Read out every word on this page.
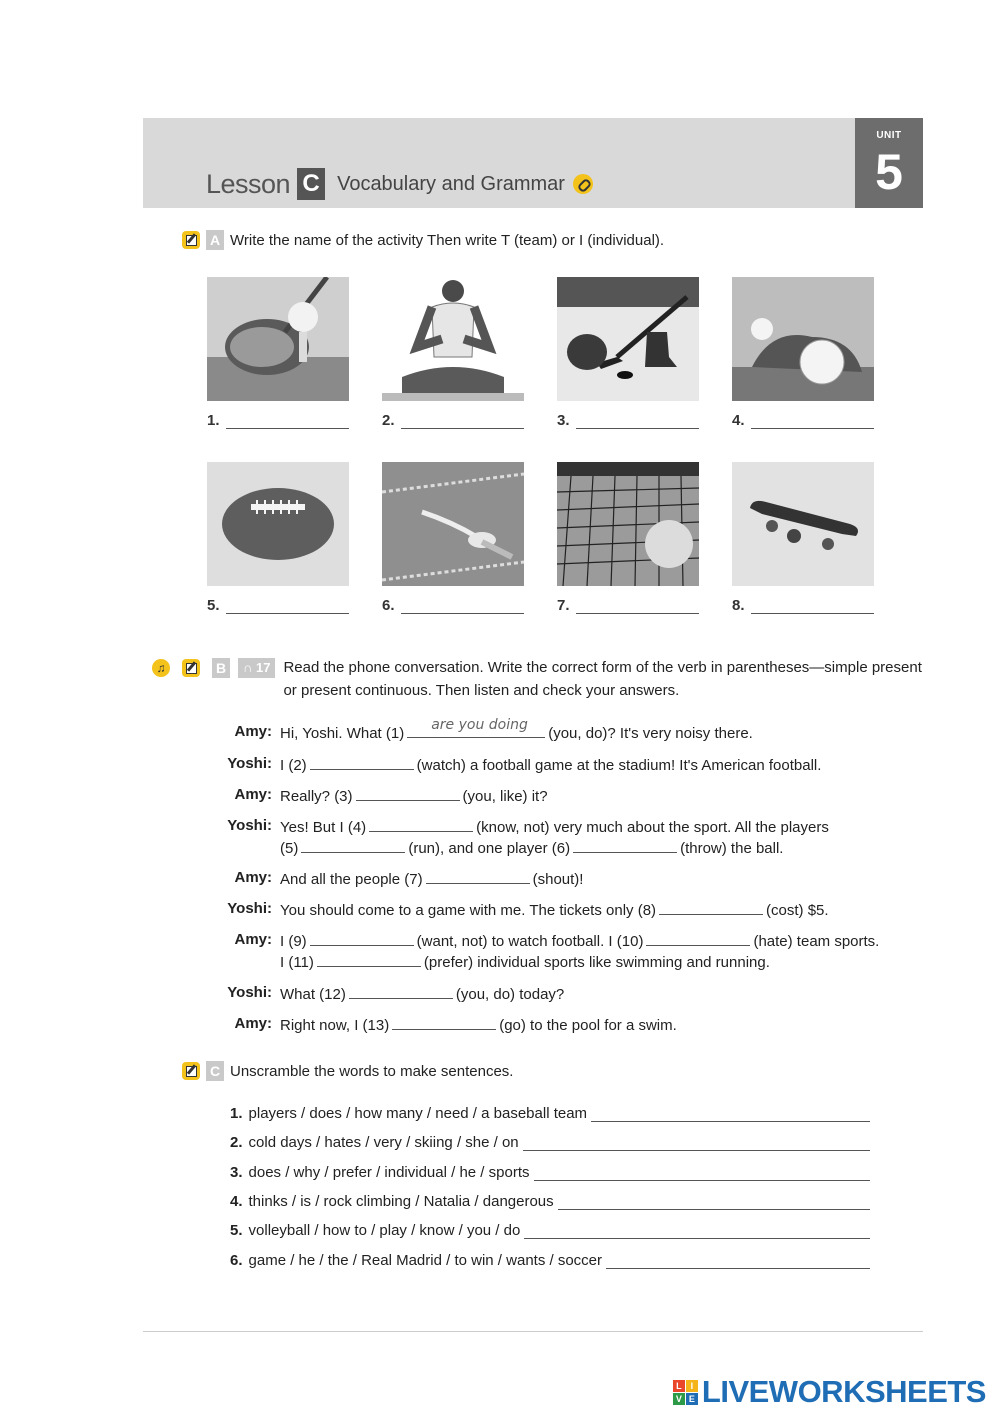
Lesson C Vocabulary and Grammar
UNIT
5
A Write the name of the activity Then write T (team) or I (individual).
1.	2.	3.	4.
5.	6.	7.	8.
♫	B	∩ 17 Read the phone conversation. Write the correct form of the verb in parentheses—simple present or present continuous. Then listen and check your answers.
Amy: Hi, Yoshi. What (1) are you doing (you, do)? It's very noisy there.
Yoshi: I (2)	(watch) a football game at the stadium! It's American football.
Amy: Really? (3)	(you, like) it?
Yoshi: Yes! But I (4)	(know, not) very much about the sport. All the players
(5)	(run), and one player (6)	(throw) the ball.
Amy: And all the people (7)	(shout)!
Yoshi: You should come to a game with me. The tickets only (8)	(cost) $5.
Amy: I (9)	(want, not) to watch football. I (10)	(hate) team sports.
I (11)	(prefer) individual sports like swimming and running.
Yoshi: What (12)	(you, do) today?
Amy: Right now, I (13)	(go) to the pool for a swim.
C Unscramble the words to make sentences.
1. players / does / how many / need / a baseball team
2. cold days / hates / very / skiing / she / on
3. does / why / prefer / individual / he / sports
4. thinks / is / rock climbing / Natalia / dangerous
5. volleyball / how to / play / know / you / do
6. game / he / the / Real Madrid / to win / wants / soccer
L I
V E LIVEWORKSHEETS
